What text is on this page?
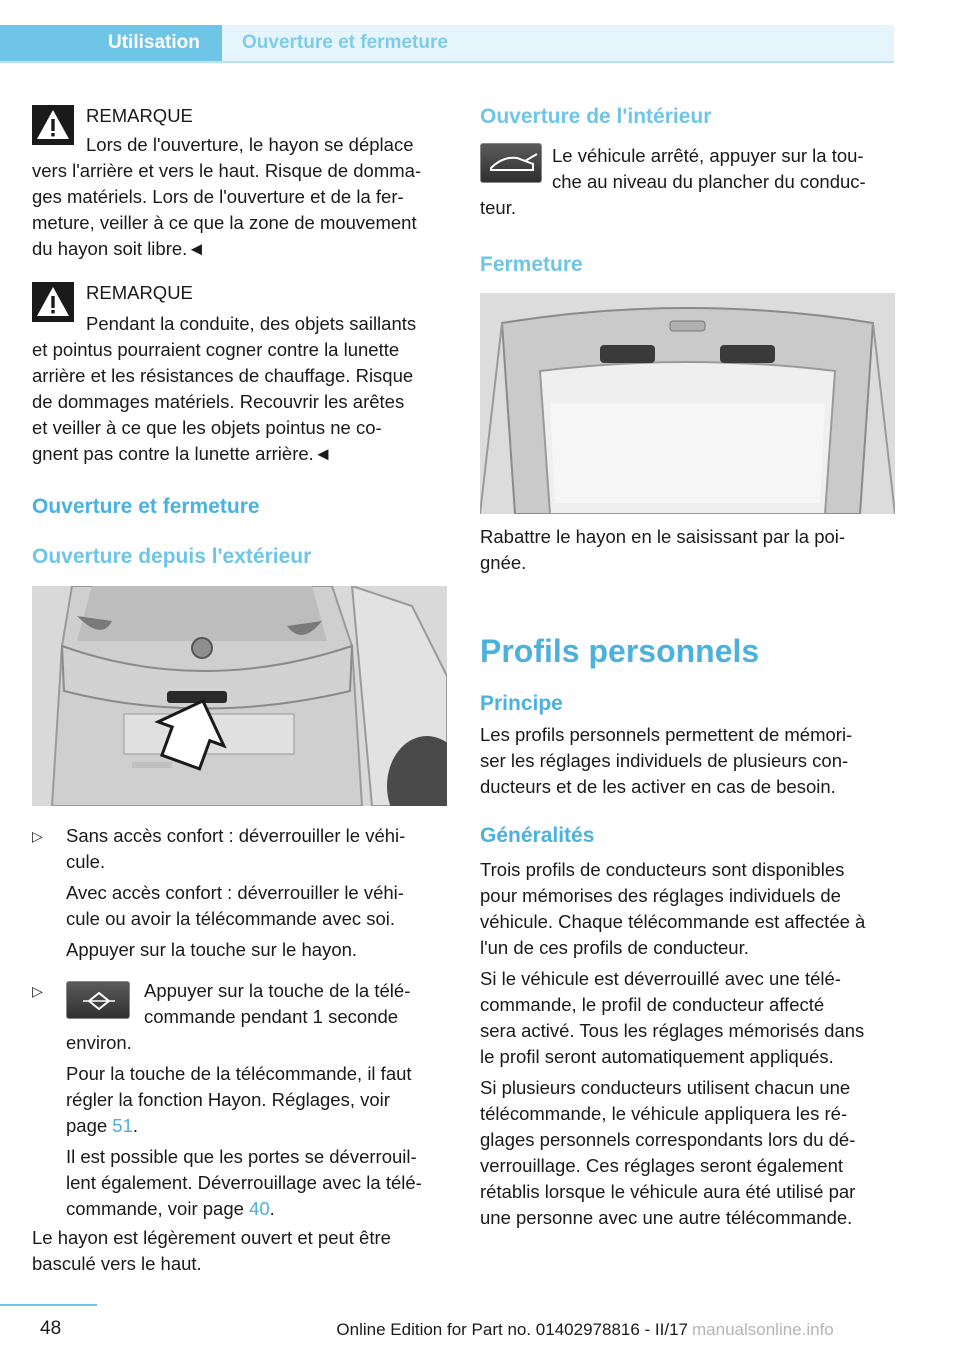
Utilisation Ouverture et fermeture
REMARQUE
Lors de l'ouverture, le hayon se déplace
vers l'arrière et vers le haut. Risque de domma‐
ges matériels. Lors de l'ouverture et de la fer‐
meture, veiller à ce que la zone de mouvement
du hayon soit libre.◄
REMARQUE
Pendant la conduite, des objets saillants
et pointus pourraient cogner contre la lunette
arrière et les résistances de chauffage. Risque
de dommages matériels. Recouvrir les arêtes
et veiller à ce que les objets pointus ne co‐
gnent pas contre la lunette arrière.◄
Ouverture et fermeture
Ouverture depuis l'extérieur
▷ Sans accès confort : déverrouiller le véhi‐
cule.
Avec accès confort : déverrouiller le véhi‐
cule ou avoir la télécommande avec soi.
Appuyer sur la touche sur le hayon.
▷	Appuyer sur la touche de la télé‐
commande pendant 1 seconde
environ.
Pour la touche de la télécommande, il faut
régler la fonction Hayon. Réglages, voir
page 51.
Il est possible que les portes se déverrouil‐
lent également. Déverrouillage avec la télé‐
commande, voir page 40.
Le hayon est légèrement ouvert et peut être
basculé vers le haut.
Ouverture de l'intérieur
Le véhicule arrêté, appuyer sur la tou‐
che au niveau du plancher du conduc‐
teur.
Fermeture
Rabattre le hayon en le saisissant par la poi‐
gnée.
Profils personnels
Principe
Les profils personnels permettent de mémori‐
ser les réglages individuels de plusieurs con‐
ducteurs et de les activer en cas de besoin.
Généralités
Trois profils de conducteurs sont disponibles
pour mémorises des réglages individuels de
véhicule. Chaque télécommande est affectée à
l'un de ces profils de conducteur.
Si le véhicule est déverrouillé avec une télé‐
commande, le profil de conducteur affecté
sera activé. Tous les réglages mémorisés dans
le profil seront automatiquement appliqués.
Si plusieurs conducteurs utilisent chacun une
télécommande, le véhicule appliquera les ré‐
glages personnels correspondants lors du dé‐
verrouillage. Ces réglages seront également
rétablis lorsque le véhicule aura été utilisé par
une personne avec une autre télécommande.
48	Online Edition for Part no. 01402978816 - II/17 manualsonline.info
